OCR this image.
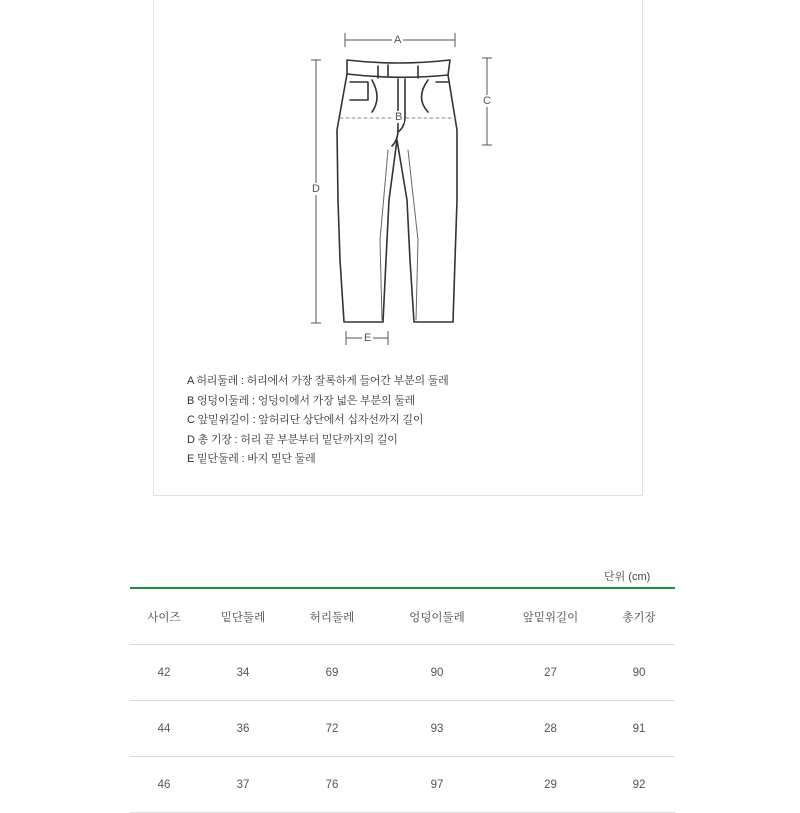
A
B
C
D
E
A 허리둘레 : 허리에서 가장 잘록하게 들어간 부분의 둘레
B 엉덩이둘레 : 엉덩이에서 가장 넓은 부분의 둘레
C 앞밑위길이 : 앞허리단 상단에서 십자선까지 길이
D 총 기장 : 허리 끝 부분부터 밑단까지의 길이
E 밑단둘레 : 바지 밑단 둘레
단위 (cm)
사이즈	밑단둘레	허리둘레	엉덩이둘레	앞밑위길이	총기장
42	34	69	90	27	90
44	36	72	93	28	91
46	37	76	97	29	92
